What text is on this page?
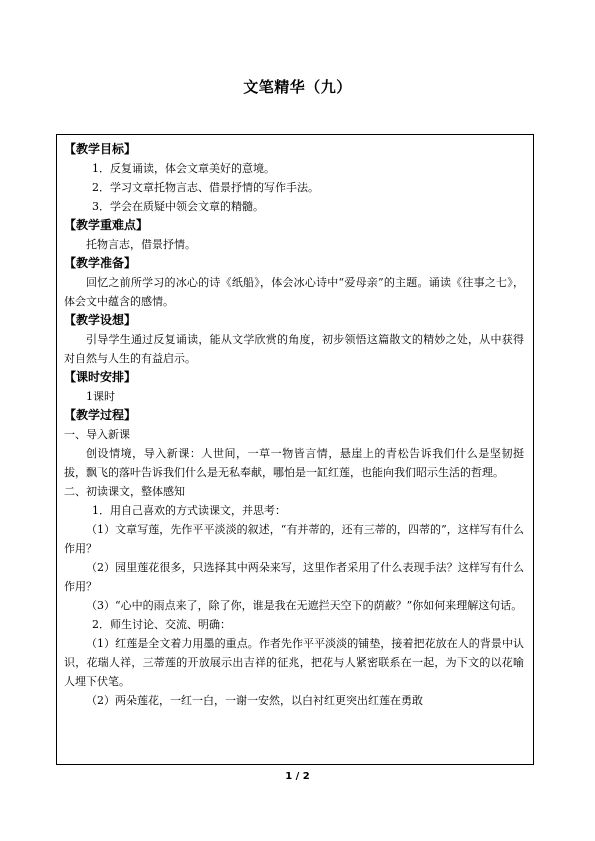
文笔精华（九）
【教学目标】
1．反复诵读，体会文章美好的意境。
2．学习文章托物言志、借景抒情的写作手法。
3．学会在质疑中领会文章的精髓。
【教学重难点】
托物言志，借景抒情。
【教学准备】
回忆之前所学习的冰心的诗《纸船》，体会冰心诗中“爱母亲”的主题。诵读《往事之七》，体会文中蕴含的感情。
【教学设想】
引导学生通过反复诵读，能从文学欣赏的角度，初步领悟这篇散文的精妙之处，从中获得对自然与人生的有益启示。
【课时安排】
1课时
【教学过程】
一、导入新课
创设情境，导入新课：人世间，一草一物皆言情，悬崖上的青松告诉我们什么是坚韧挺拔，飘飞的落叶告诉我们什么是无私奉献，哪怕是一缸红莲，也能向我们昭示生活的哲理。
二、初读课文，整体感知
1．用自己喜欢的方式读课文，并思考：
（1）文章写莲，先作平平淡淡的叙述，“有并蒂的，还有三蒂的，四蒂的”，这样写有什么作用？
（2）园里莲花很多，只选择其中两朵来写，这里作者采用了什么表现手法？这样写有什么作用？
（3）“心中的雨点来了，除了你，谁是我在无遮拦天空下的荫蔽？”你如何来理解这句话。
2．师生讨论、交流、明确：
（1）红莲是全文着力用墨的重点。作者先作平平淡淡的铺垫，接着把花放在人的背景中认识，花瑞人祥，三蒂莲的开放展示出吉祥的征兆，把花与人紧密联系在一起，为下文的以花喻人埋下伏笔。
（2）两朵莲花，一红一白，一谢一安然，以白衬红更突出红莲在勇敢
1 / 2
